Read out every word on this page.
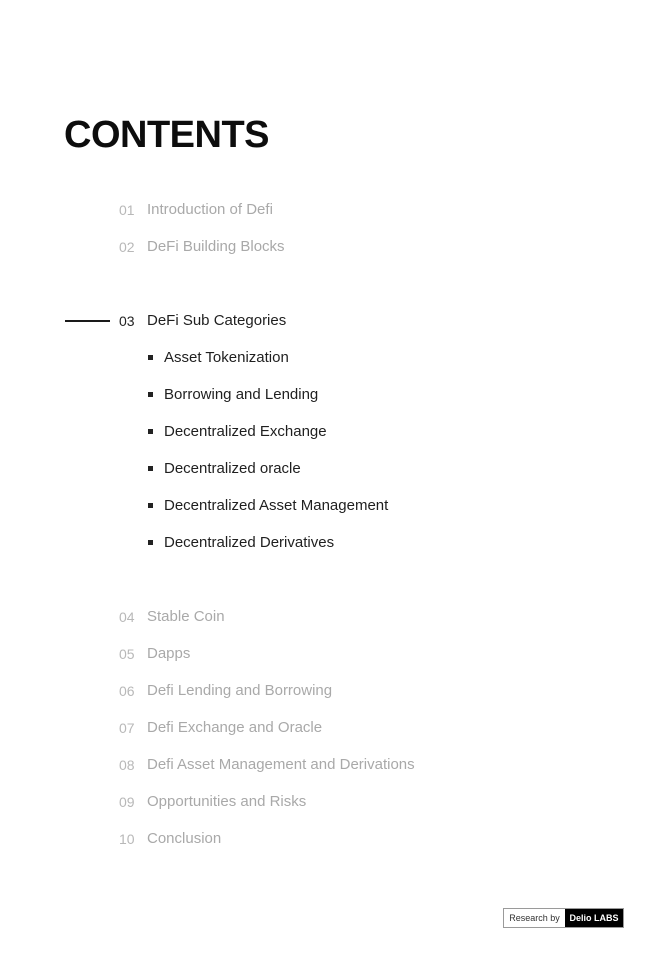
CONTENTS
01 Introduction of Defi
02 DeFi Building Blocks
03 DeFi Sub Categories
Asset Tokenization
Borrowing and Lending
Decentralized Exchange
Decentralized oracle
Decentralized Asset Management
Decentralized Derivatives
04 Stable Coin
05 Dapps
06 Defi Lending and Borrowing
07 Defi Exchange and Oracle
08 Defi Asset Management and Derivations
09 Opportunities and Risks
10 Conclusion
Research by	Delio LABS
